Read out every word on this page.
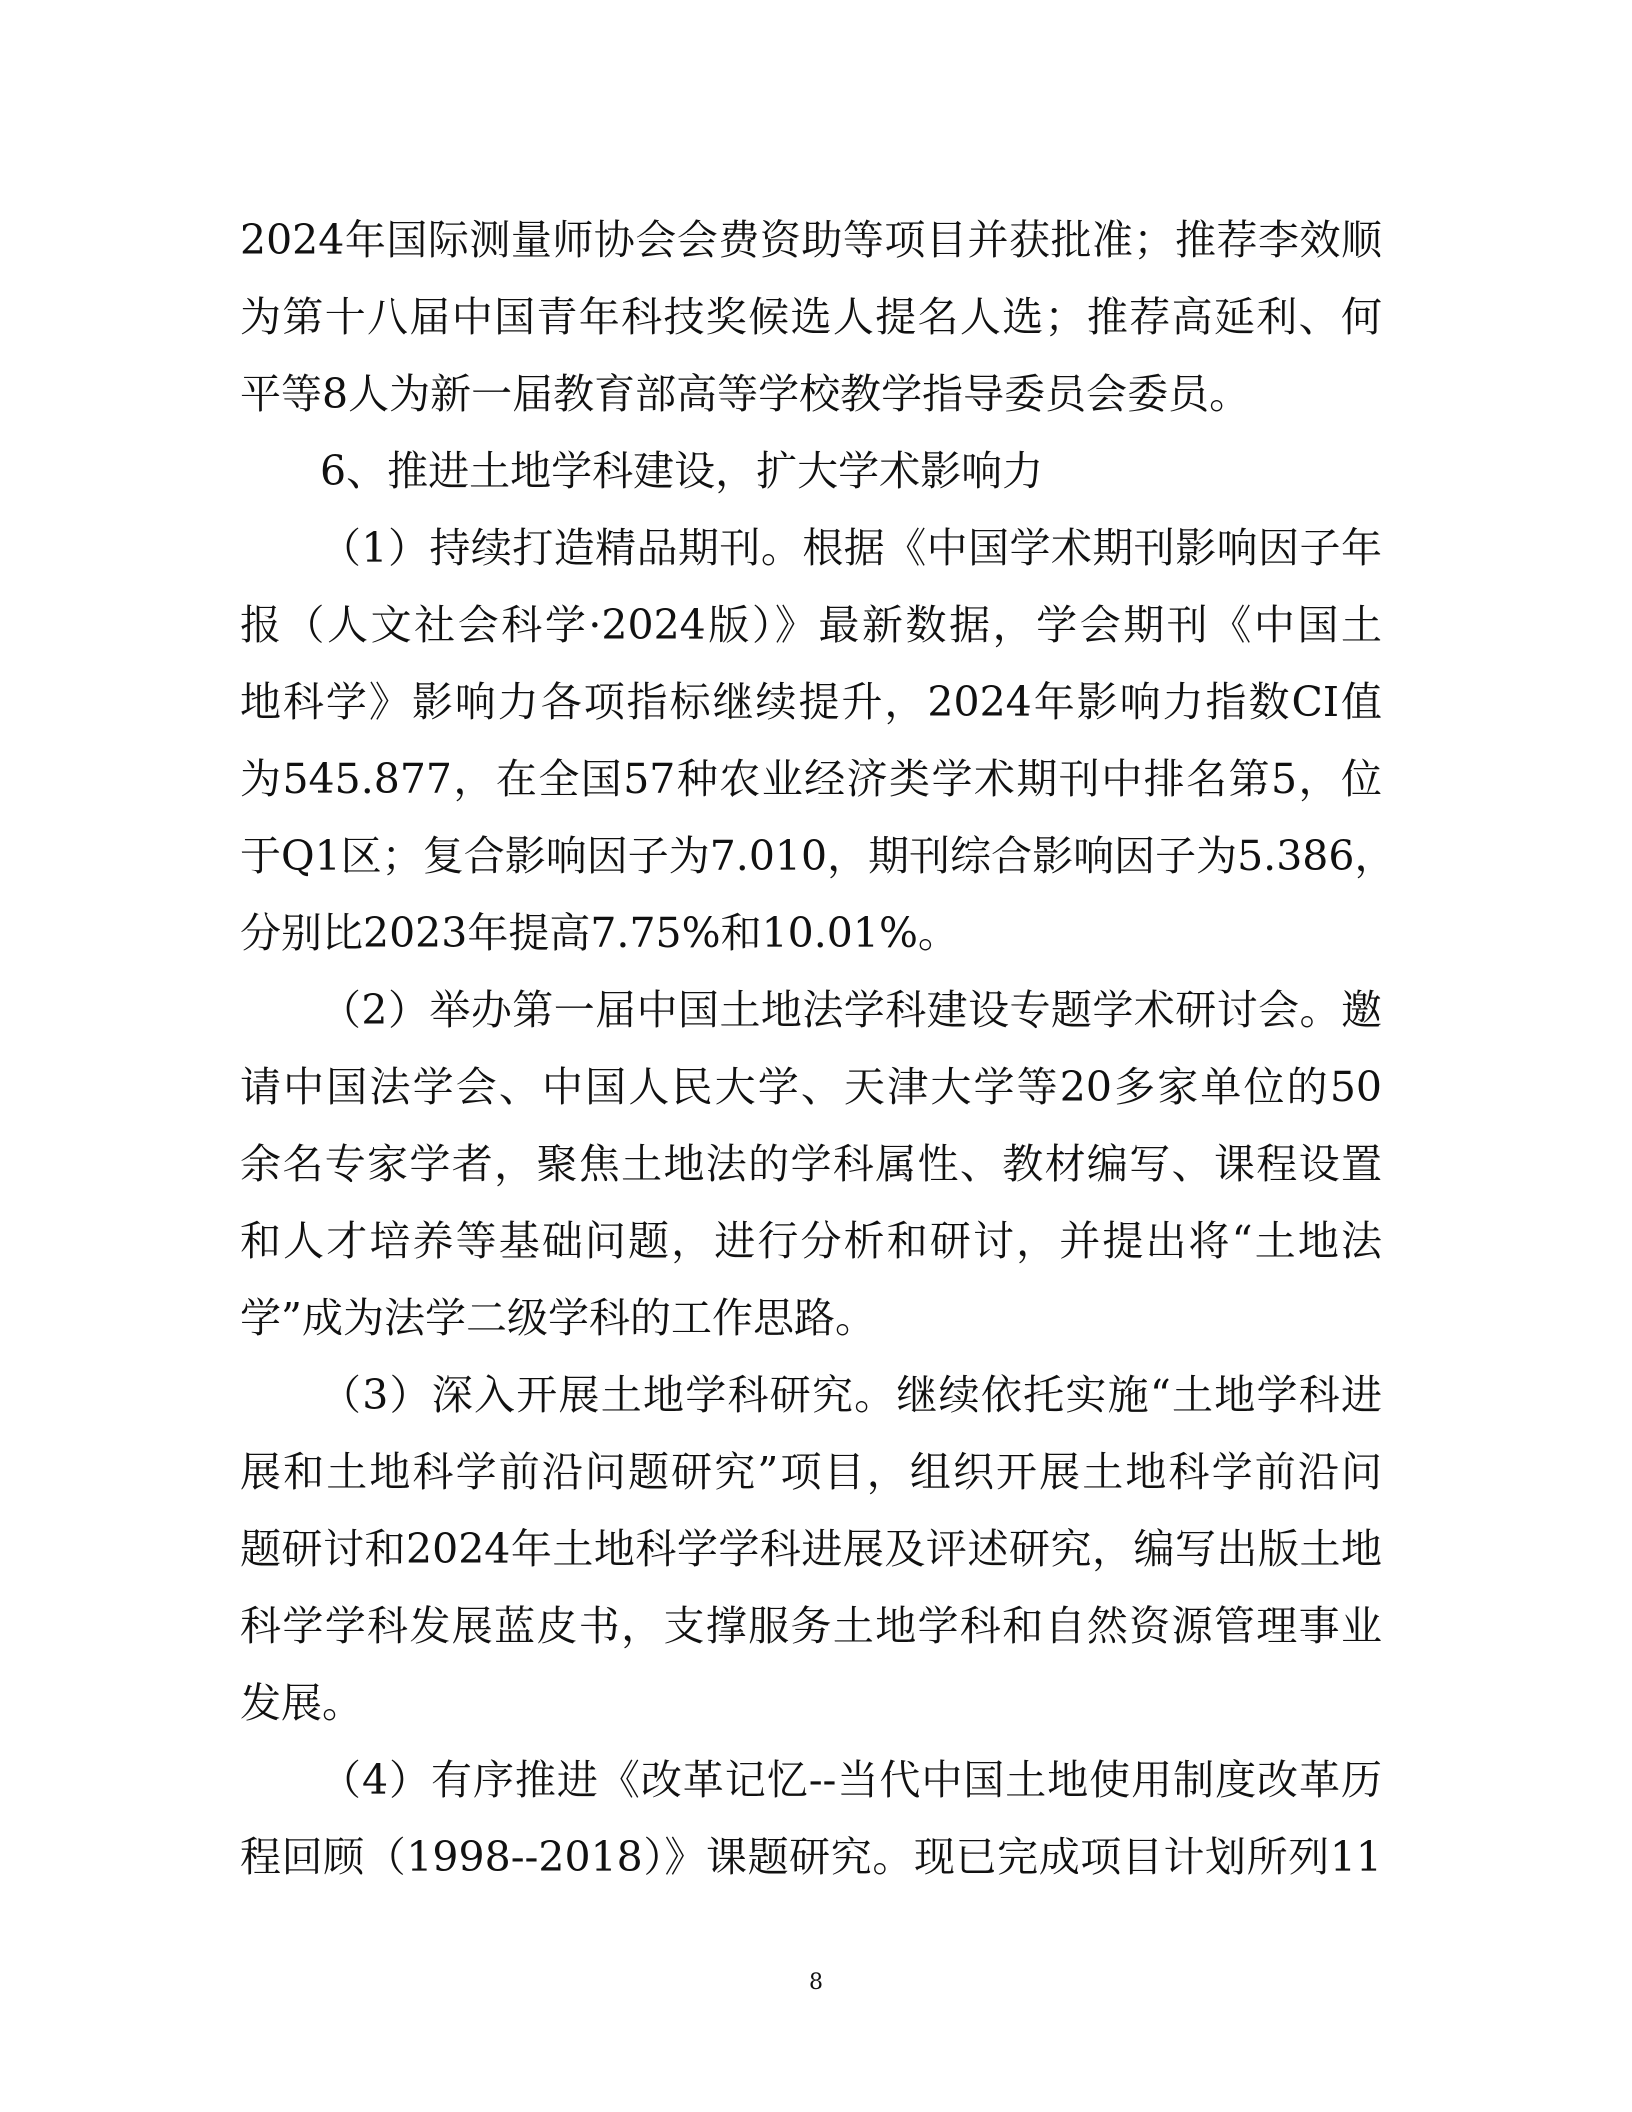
2024年国际测量师协会会费资助等项目并获批准；推荐李效顺
为第十八届中国青年科技奖候选人提名人选；推荐高延利、何
平等8人为新一届教育部高等学校教学指导委员会委员。
6、推进土地学科建设，扩大学术影响力
（1）持续打造精品期刊。根据《中国学术期刊影响因子年
报（人文社会科学·2024版）》最新数据，学会期刊《中国土
地科学》影响力各项指标继续提升，2024年影响力指数CI值
为545.877，在全国57种农业经济类学术期刊中排名第5，位
于Q1区；复合影响因子为7.010，期刊综合影响因子为5.386，
分别比2023年提高7.75%和10.01%。
（2）举办第一届中国土地法学科建设专题学术研讨会。邀
请中国法学会、中国人民大学、天津大学等20多家单位的50
余名专家学者，聚焦土地法的学科属性、教材编写、课程设置
和人才培养等基础问题，进行分析和研讨，并提出将“土地法
学”成为法学二级学科的工作思路。
（3）深入开展土地学科研究。继续依托实施“土地学科进
展和土地科学前沿问题研究”项目，组织开展土地科学前沿问
题研讨和2024年土地科学学科进展及评述研究，编写出版土地
科学学科发展蓝皮书，支撑服务土地学科和自然资源管理事业
发展。
（4）有序推进《改革记忆--当代中国土地使用制度改革历
程回顾（1998--2018）》课题研究。现已完成项目计划所列11
8
